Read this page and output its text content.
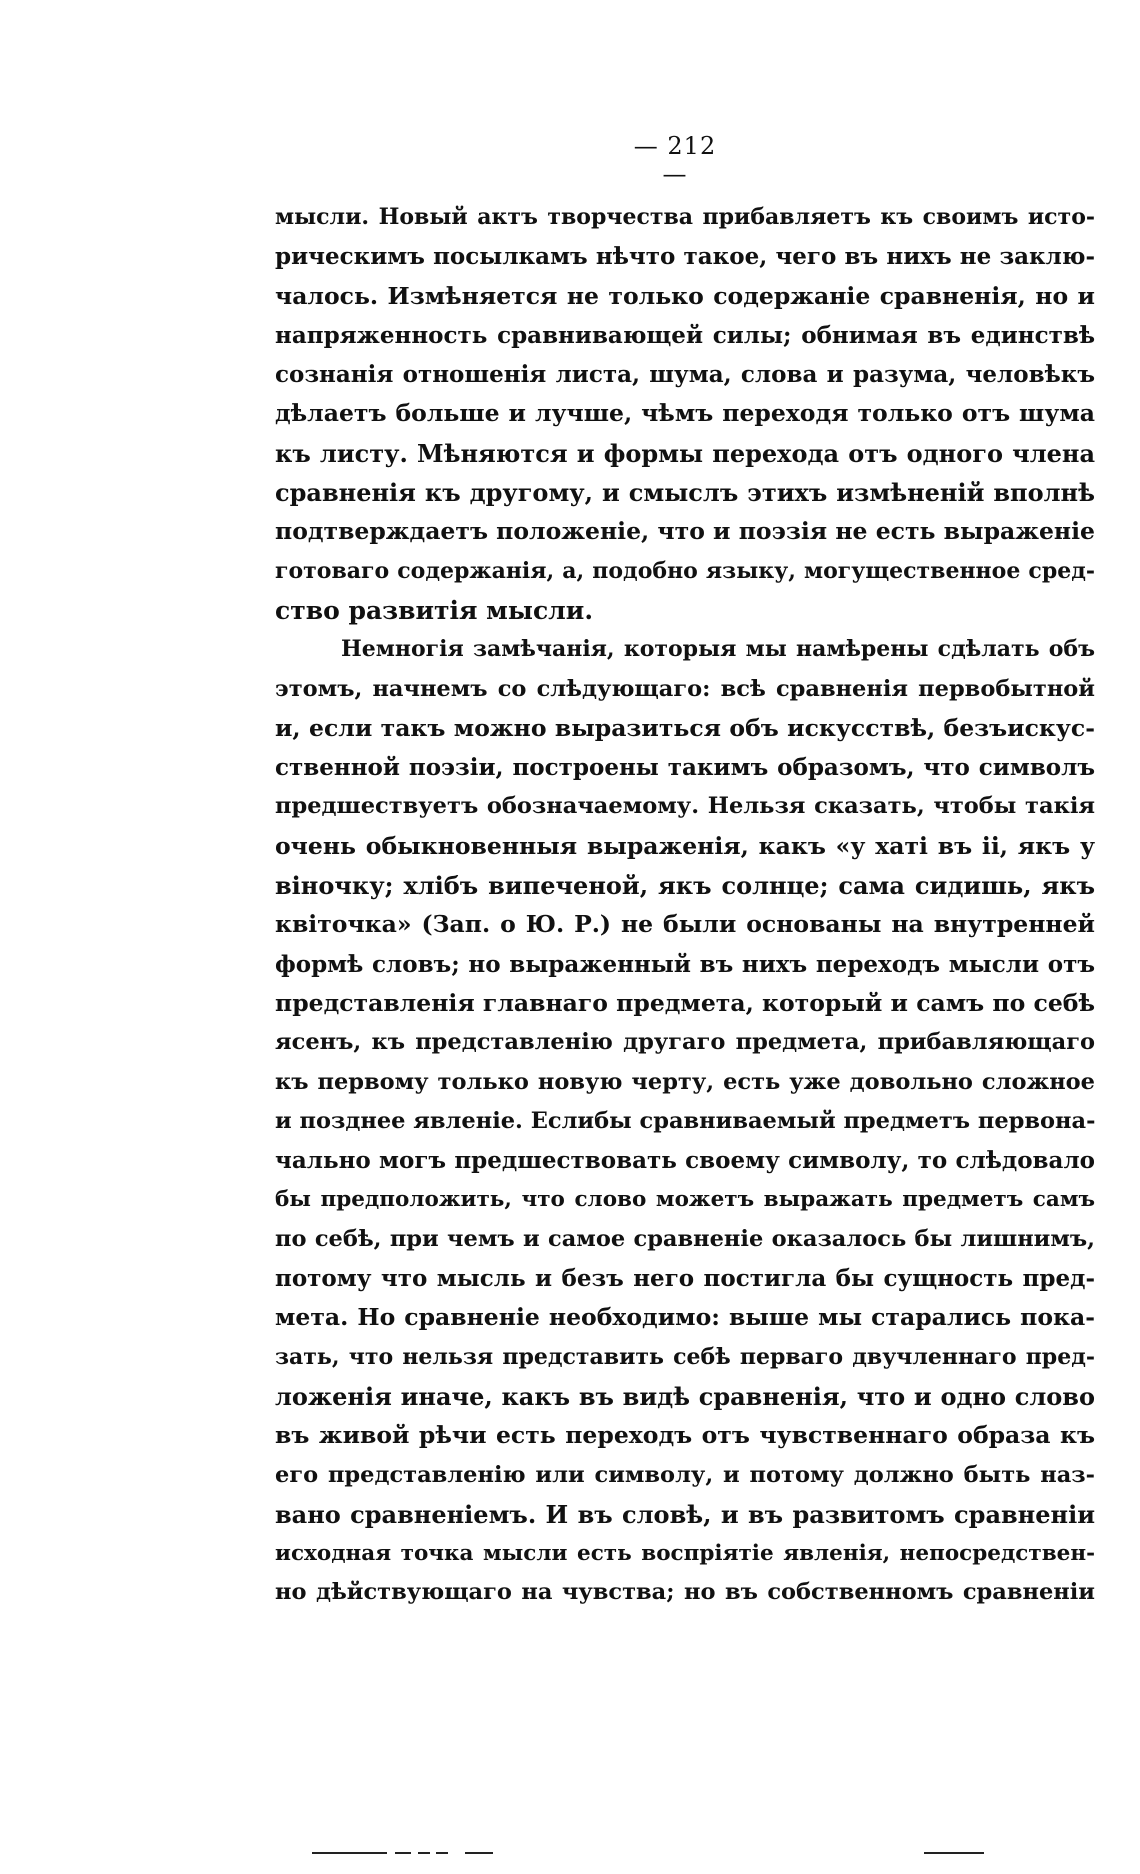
— 212 —
мысли. Новый актъ творчества прибавляетъ къ своимъ исто-
рическимъ посылкамъ нѣчто такое, чего въ нихъ не заклю-
чалось. Измѣняется не только содержаніе сравненія, но и
напряженность сравнивающей силы; обнимая въ единствѣ
сознанія отношенія листа, шума, слова и разума, человѣкъ
дѣлаетъ больше и лучше, чѣмъ переходя только отъ шума
къ листу. Мѣняются и формы перехода отъ одного члена
сравненія къ другому, и смыслъ этихъ измѣненій вполнѣ
подтверждаетъ положеніе, что и поэзія не есть выраженіе
готоваго содержанія, а, подобно языку, могущественное сред-
ство развитія мысли.
Немногія замѣчанія, которыя мы намѣрены сдѣлать объ
этомъ, начнемъ со слѣдующаго: всѣ сравненія первобытной
и, если такъ можно выразиться объ искусствѣ, безъискус-
ственной поэзіи, построены такимъ образомъ, что символъ
предшествуетъ обозначаемому. Нельзя сказать, чтобы такія
очень обыкновенныя выраженія, какъ «у хаті въ ii, якъ у
віночку; хлібъ випеченой, якъ солнце; сама сидишь, якъ
квіточка» (Зап. о Ю. Р.) не были основаны на внутренней
формѣ словъ; но выраженный въ нихъ переходъ мысли отъ
представленія главнаго предмета, который и самъ по себѣ
ясенъ, къ представленію другаго предмета, прибавляющаго
къ первому только новую черту, есть уже довольно сложное
и позднее явленіе. Еслибы сравниваемый предметъ первона-
чально могъ предшествовать своему символу, то слѣдовало
бы предположить, что слово можетъ выражать предметъ самъ
по себѣ, при чемъ и самое сравненіе оказалось бы лишнимъ,
потому что мысль и безъ него постигла бы сущность пред-
мета. Но сравненіе необходимо: выше мы старались пока-
зать, что нельзя представить себѣ перваго двучленнаго пред-
ложенія иначе, какъ въ видѣ сравненія, что и одно слово
въ живой рѣчи есть переходъ отъ чувственнаго образа къ
его представленію или символу, и потому должно быть наз-
вано сравненіемъ. И въ словѣ, и въ развитомъ сравненіи
исходная точка мысли есть воспріятіе явленія, непосредствен-
но дѣйствующаго на чувства; но въ собственномъ сравненіи
